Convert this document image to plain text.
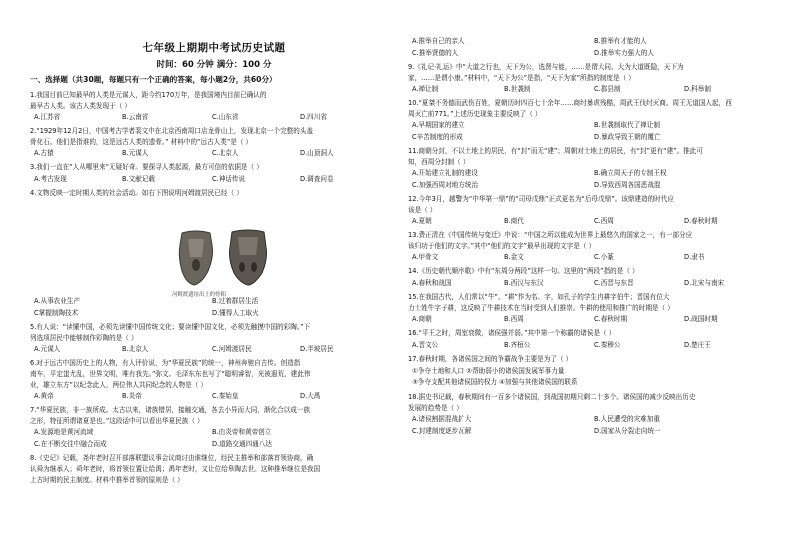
七年级上期期中考试历史试题
时间：60 分钟 满分：100 分
一、选择题（共30题，每题只有一个正确的答案，每小题2分，共60分）
1.我国目前已知最早的人类是元谋人，距今约170万年，是我国境内目前已确认的
最早古人类。该古人类发现于（ ）
A.江苏省	B.云南省	C.山东省	D.四川省
2.“1929年12月2日，中国考古学者裴文中在北京西南周口店龙骨山上，发现北京一个完整的头盖
骨化石。他们是指谁的，这是远古人类的遗骨。” 材料中的“远古人类”是（ ）
A.古猿	B.元谋人	C.北京人	D.山顶洞人
3.我们一直在“人从哪里来”无疑好奇。要探寻人类起源，最方可信的依据是（ ）
A.考古发现	B.文献记载	C.神话传说	D.调查问卷
4.文物反映一定时期人类的社会活动。如右下图说明河姆渡居民已经（ ）
河姆渡遗址出土的骨耜
A.从事农业生产	B.过着群居生活
C掌握制陶技术	D.懂得人工取火
5.有人说：“读懂中国，必须先读懂中国传统文化；要读懂中国文化，必须先触摸中国的彩陶。”下
列选项居民中能够制作彩陶的是（ ）
A.元谋人	B.北京人	C.河姆渡居民	D.半坡居民
6.对于远古中国历史上的人物，有人评价说，为“华夏民族”的统一，神州奔驰自古传。创造指
南车，平定蚩尤乱，世界文明，唯有我先。”弥文。毛泽东东也写了“聪明睿智，光被遐荒，建此伟
业，雄立东方”以纪念此人，两位伟人共同纪念的人物是（ ）
A.黄帝	B.炎帝	C.秦始皇	D.大禹
7.“华夏民族，非一族所成。太古以来，诸族错居，接触交通，各去小异而大同，渐化合以成一族
之形，特征所谓诸夏是也。”这段话中可以看出华夏民族（ ）
A.发源地是黄河流域	B.由炎帝和黄帝创立
C.在不断交往中融合而成	D.道路交通四通八达
8.《史记》记载，尧年老时召开部落联盟议事会议商讨由谁继位，经民主推举和部落首领协商，确
认舜为继承人；舜年老时，将首领位置让给禹；禹年老时，又让位给皋陶去世。这种推举继位是我国
上古时期的民主制度。材料中推举首领的原则是（ ）
A.推举自己的亲人	B.推举有才能的人
C.推举贤德的人	D.推举实力强大的人
9.《礼记·礼运》中“大道之行也，天下为公，选贤与能，……是谓大同。大为大道既隐，天下为
家，……是谓小康。”材料中，“天下为公”是指，“天下为家”所指的制度是（ ）
A.禅让制	B.世袭制	C.郡县制	D.科举制
10.“夏桀不务德而武伤百姓，夏朝历时四百七十余年……商纣暴虐残酷，周武王伐纣灭商。周王无道国人起，西
周灭亡前771。”上述历史现象主要反映了（ ）
A.早期国家的建立	B.世袭制取代了禅让制
C辛苦制度的形成	D.暴政导致王朝的覆亡
11.商朝分封，不以土地上的居民，有“封”而无“建”；周朝对土地上的居民，有“封”更有“建”。推此可
知，西周分封制（ ）
A.开始建立礼制的建设	B.确立周天子的专制王权
C.加强西周对地方统治	D.导致西周各国恶战混
12.今年3月，越警为“中华第一鼎”的“司母戊鼎”正式更名为“后母戊鼎”。该鼎建造的时代应
该是（ ）
A.夏朝	B.商代	C.西周	D.春秋时期
13.费正清在《中国传统与变迁》中说：“中国之所以能成为世界上最悠久的国家之一，有一部分应
该归功于他们的文字。”其中“他们的文字”最早出现的文字是（ ）
A.甲骨文	B.金文	C.小篆	D.隶书
14.《历史朝代顺序歌》中有“东周分两段”这样一句。这里的“两段”指的是（ ）
A.春秋和战国	B.西汉与东汉	C.西晋与东晋	D.北宋与南宋
15.在我国古代，人们常以“牛”、“耕”作为名、字，如孔子的学生冉耕字伯牛；晋国有位大
力士姓牛字子耕，这反映了牛耕技术在当时受到人们推崇。牛耕的使用和推广的时期是（ ）
A.商朝	B.西周	C.春秋时期	D.战国时期
16.“平王之时，周室衰微，诸侯强并弱。”其中第一个称霸的诸侯是（ ）
A.晋文公	B.齐桓公	C.秦穆公	D.楚庄王
17.春秋时期，各诸侯国之间的争霸战争主要是为了（ ）
①争夺土地和人口 ②帮助弱小的诸侯国发展军事力量
③争夺支配其他诸侯国的权力 ④加强与其他诸侯国的联系
18.据史书记载，春秋期间有一百多个诸侯国，到战国初期只剩二十多个。诸侯国的减少反映出历史
发展的趋势是（ ）
A.诸侯割据混战扩大	B.人民遭受的灾难加重
C.封建制度逐步瓦解	D.国家从分裂走向统一
